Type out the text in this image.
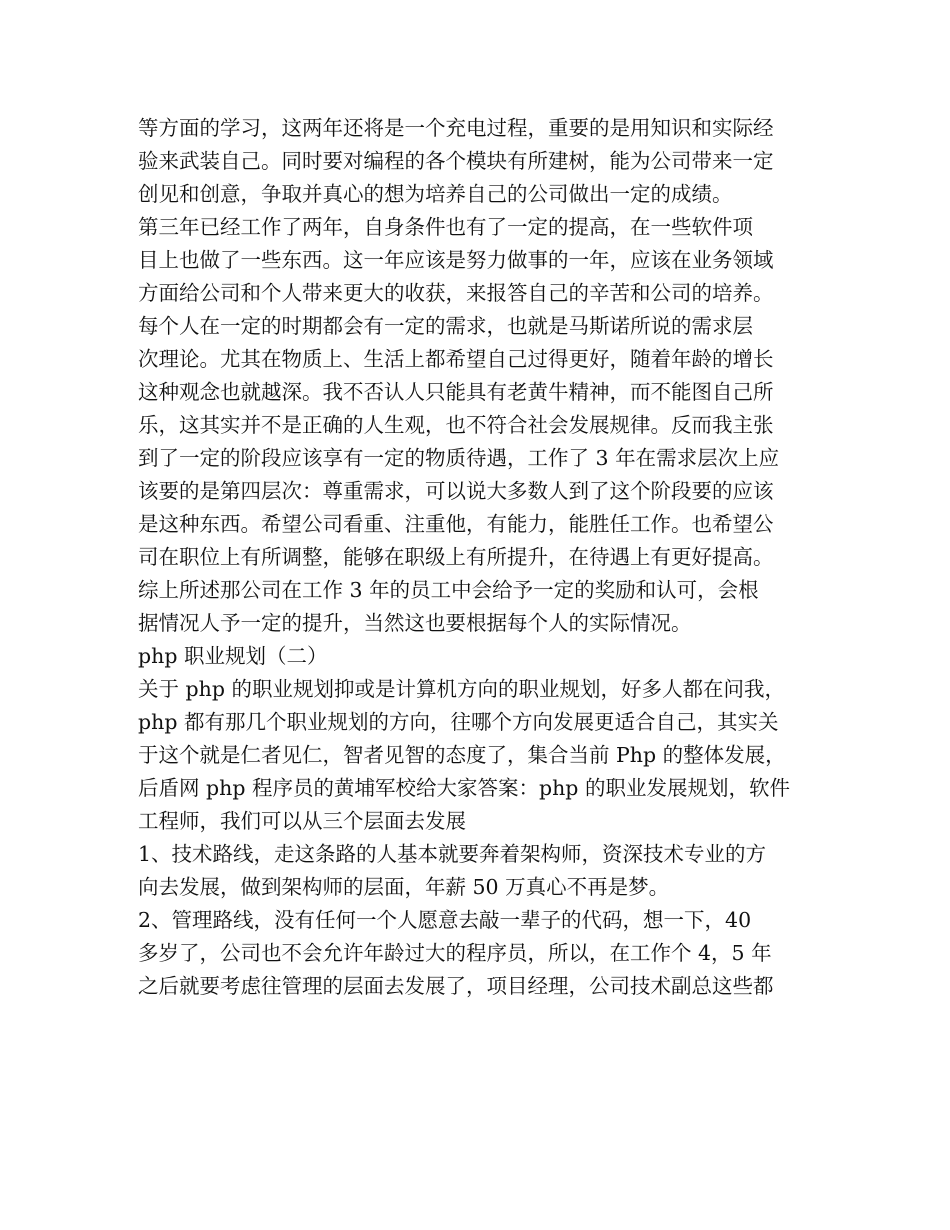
等方面的学习，这两年还将是一个充电过程，重要的是用知识和实际经
验来武装自己。同时要对编程的各个模块有所建树，能为公司带来一定
创见和创意，争取并真心的想为培养自己的公司做出一定的成绩。
第三年已经工作了两年，自身条件也有了一定的提高，在一些软件项
目上也做了一些东西。这一年应该是努力做事的一年，应该在业务领域
方面给公司和个人带来更大的收获，来报答自己的辛苦和公司的培养。
每个人在一定的时期都会有一定的需求，也就是马斯诺所说的需求层
次理论。尤其在物质上、生活上都希望自己过得更好，随着年龄的增长
这种观念也就越深。我不否认人只能具有老黄牛精神，而不能图自己所
乐，这其实并不是正确的人生观，也不符合社会发展规律。反而我主张
到了一定的阶段应该享有一定的物质待遇，工作了 3 年在需求层次上应
该要的是第四层次：尊重需求，可以说大多数人到了这个阶段要的应该
是这种东西。希望公司看重、注重他，有能力，能胜任工作。也希望公
司在职位上有所调整，能够在职级上有所提升，在待遇上有更好提高。
综上所述那公司在工作 3 年的员工中会给予一定的奖励和认可，会根
据情况人予一定的提升，当然这也要根据每个人的实际情况。
php 职业规划（二）
关于 php 的职业规划抑或是计算机方向的职业规划，好多人都在问我，
php 都有那几个职业规划的方向，往哪个方向发展更适合自己，其实关
于这个就是仁者见仁，智者见智的态度了，集合当前 Php 的整体发展，
后盾网 php 程序员的黄埔军校给大家答案：php 的职业发展规划，软件
工程师，我们可以从三个层面去发展
1、技术路线，走这条路的人基本就要奔着架构师，资深技术专业的方
向去发展，做到架构师的层面，年薪 50 万真心不再是梦。
2、管理路线，没有任何一个人愿意去敲一辈子的代码，想一下，40
多岁了，公司也不会允许年龄过大的程序员，所以，在工作个 4，5 年
之后就要考虑往管理的层面去发展了，项目经理，公司技术副总这些都
